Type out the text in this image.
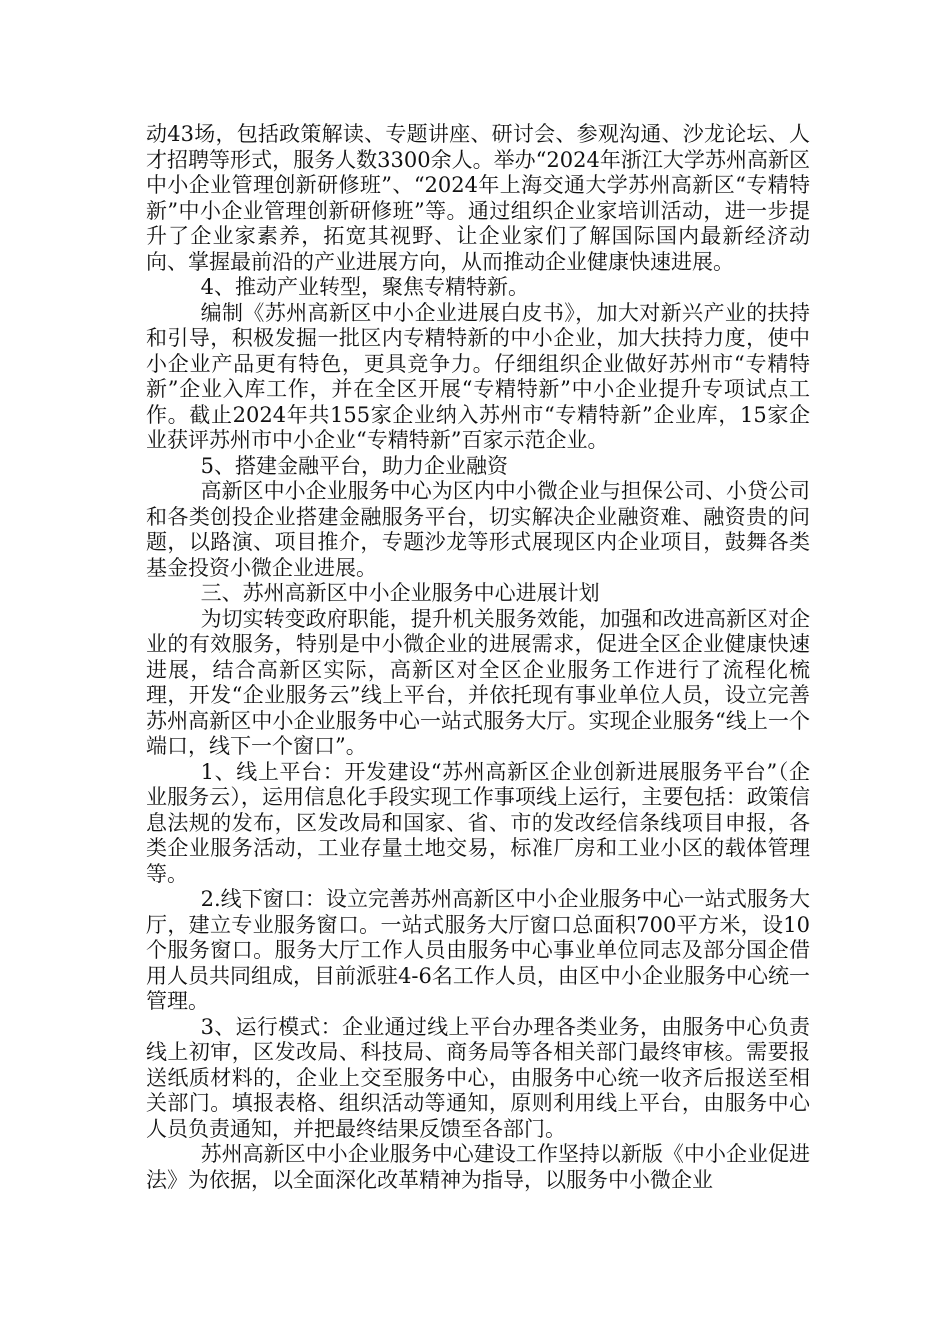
动43场，包括政策解读、专题讲座、研讨会、参观沟通、沙龙论坛、人才招聘等形式，服务人数3300余人。举办“2024年浙江大学苏州高新区中小企业管理创新研修班”、“2024年上海交通大学苏州高新区“专精特新”中小企业管理创新研修班”等。通过组织企业家培训活动，进一步提升了企业家素养，拓宽其视野、让企业家们了解国际国内最新经济动向、掌握最前沿的产业进展方向，从而推动企业健康快速进展。

4、推动产业转型，聚焦专精特新。

编制《苏州高新区中小企业进展白皮书》，加大对新兴产业的扶持和引导，积极发掘一批区内专精特新的中小企业，加大扶持力度，使中小企业产品更有特色，更具竞争力。仔细组织企业做好苏州市“专精特新”企业入库工作，并在全区开展“专精特新”中小企业提升专项试点工作。截止2024年共155家企业纳入苏州市“专精特新”企业库，15家企业获评苏州市中小企业“专精特新”百家示范企业。

5、搭建金融平台，助力企业融资

高新区中小企业服务中心为区内中小微企业与担保公司、小贷公司和各类创投企业搭建金融服务平台，切实解决企业融资难、融资贵的问题，以路演、项目推介，专题沙龙等形式展现区内企业项目，鼓舞各类基金投资小微企业进展。

三、苏州高新区中小企业服务中心进展计划

为切实转变政府职能，提升机关服务效能，加强和改进高新区对企业的有效服务，特别是中小微企业的进展需求，促进全区企业健康快速进展，结合高新区实际，高新区对全区企业服务工作进行了流程化梳理，开发“企业服务云”线上平台，并依托现有事业单位人员，设立完善苏州高新区中小企业服务中心一站式服务大厅。实现企业服务“线上一个端口，线下一个窗口”。

1、线上平台：开发建设“苏州高新区企业创新进展服务平台”（企业服务云），运用信息化手段实现工作事项线上运行，主要包括：政策信息法规的发布，区发改局和国家、省、市的发改经信条线项目申报，各类企业服务活动，工业存量土地交易，标准厂房和工业小区的载体管理等。

2.线下窗口：设立完善苏州高新区中小企业服务中心一站式服务大厅，建立专业服务窗口。一站式服务大厅窗口总面积700平方米，设10个服务窗口。服务大厅工作人员由服务中心事业单位同志及部分国企借用人员共同组成，目前派驻4-6名工作人员，由区中小企业服务中心统一管理。

3、运行模式：企业通过线上平台办理各类业务，由服务中心负责线上初审，区发改局、科技局、商务局等各相关部门最终审核。需要报送纸质材料的，企业上交至服务中心，由服务中心统一收齐后报送至相关部门。填报表格、组织活动等通知，原则利用线上平台，由服务中心人员负责通知，并把最终结果反馈至各部门。

苏州高新区中小企业服务中心建设工作坚持以新版《中小企业促进法》为依据，以全面深化改革精神为指导，以服务中小微企业
